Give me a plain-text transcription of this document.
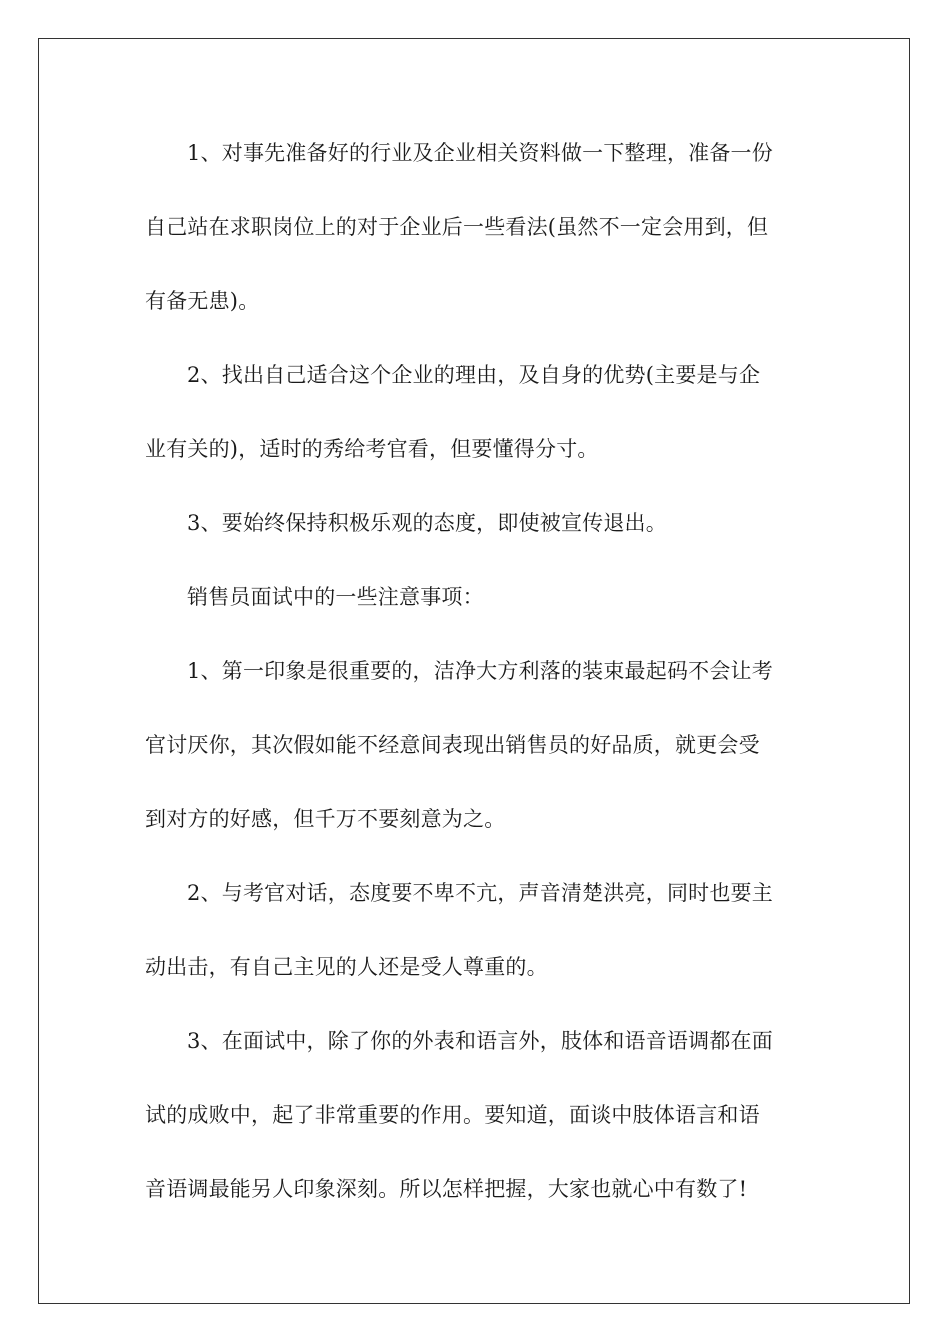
1、对事先准备好的行业及企业相关资料做一下整理，准备一份
自己站在求职岗位上的对于企业后一些看法(虽然不一定会用到，但
有备无患)。
2、找出自己适合这个企业的理由，及自身的优势(主要是与企
业有关的)，适时的秀给考官看，但要懂得分寸。
3、要始终保持积极乐观的态度，即使被宣传退出。
销售员面试中的一些注意事项：
1、第一印象是很重要的，洁净大方利落的装束最起码不会让考
官讨厌你，其次假如能不经意间表现出销售员的好品质，就更会受
到对方的好感，但千万不要刻意为之。
2、与考官对话，态度要不卑不亢，声音清楚洪亮，同时也要主
动出击，有自己主见的人还是受人尊重的。
3、在面试中，除了你的外表和语言外，肢体和语音语调都在面
试的成败中，起了非常重要的作用。要知道，面谈中肢体语言和语
音语调最能另人印象深刻。所以怎样把握，大家也就心中有数了!
